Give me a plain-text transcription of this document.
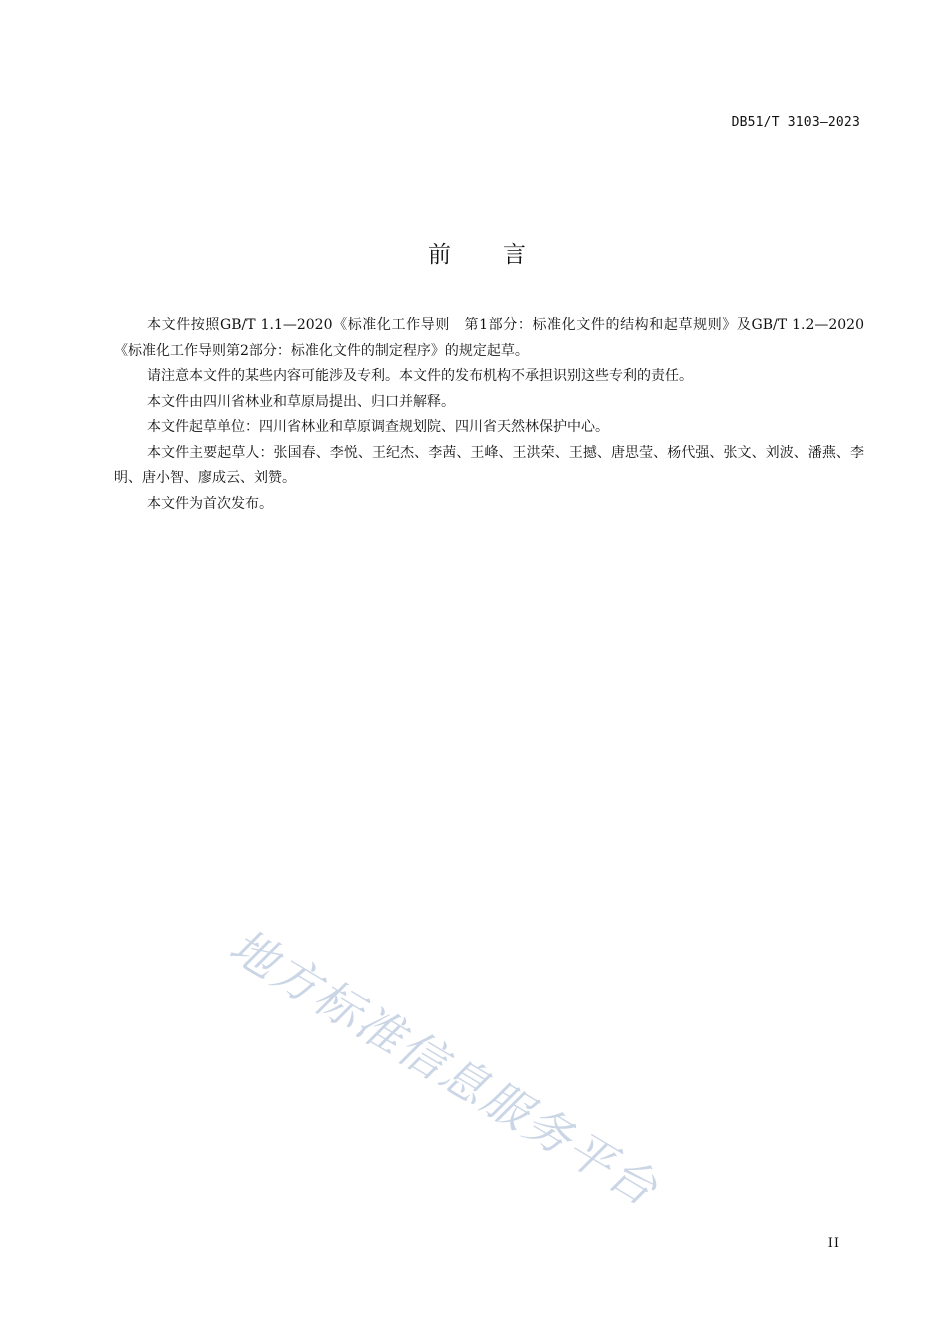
DB51/T 3103—2023
前言

本文件按照GB/T 1.1—2020《标准化工作导则　第1部分：标准化文件的结构和起草规则》及GB/T 1.2—2020《标准化工作导则第2部分：标准化文件的制定程序》的规定起草。

请注意本文件的某些内容可能涉及专利。本文件的发布机构不承担识别这些专利的责任。

本文件由四川省林业和草原局提出、归口并解释。

本文件起草单位：四川省林业和草原调查规划院、四川省天然林保护中心。

本文件主要起草人：张国春、李悦、王纪杰、李茜、王峰、王洪荣、王撼、唐思莹、杨代强、张文、刘波、潘燕、李明、唐小智、廖成云、刘赞。

本文件为首次发布。

地方标准信息服务平台
II
